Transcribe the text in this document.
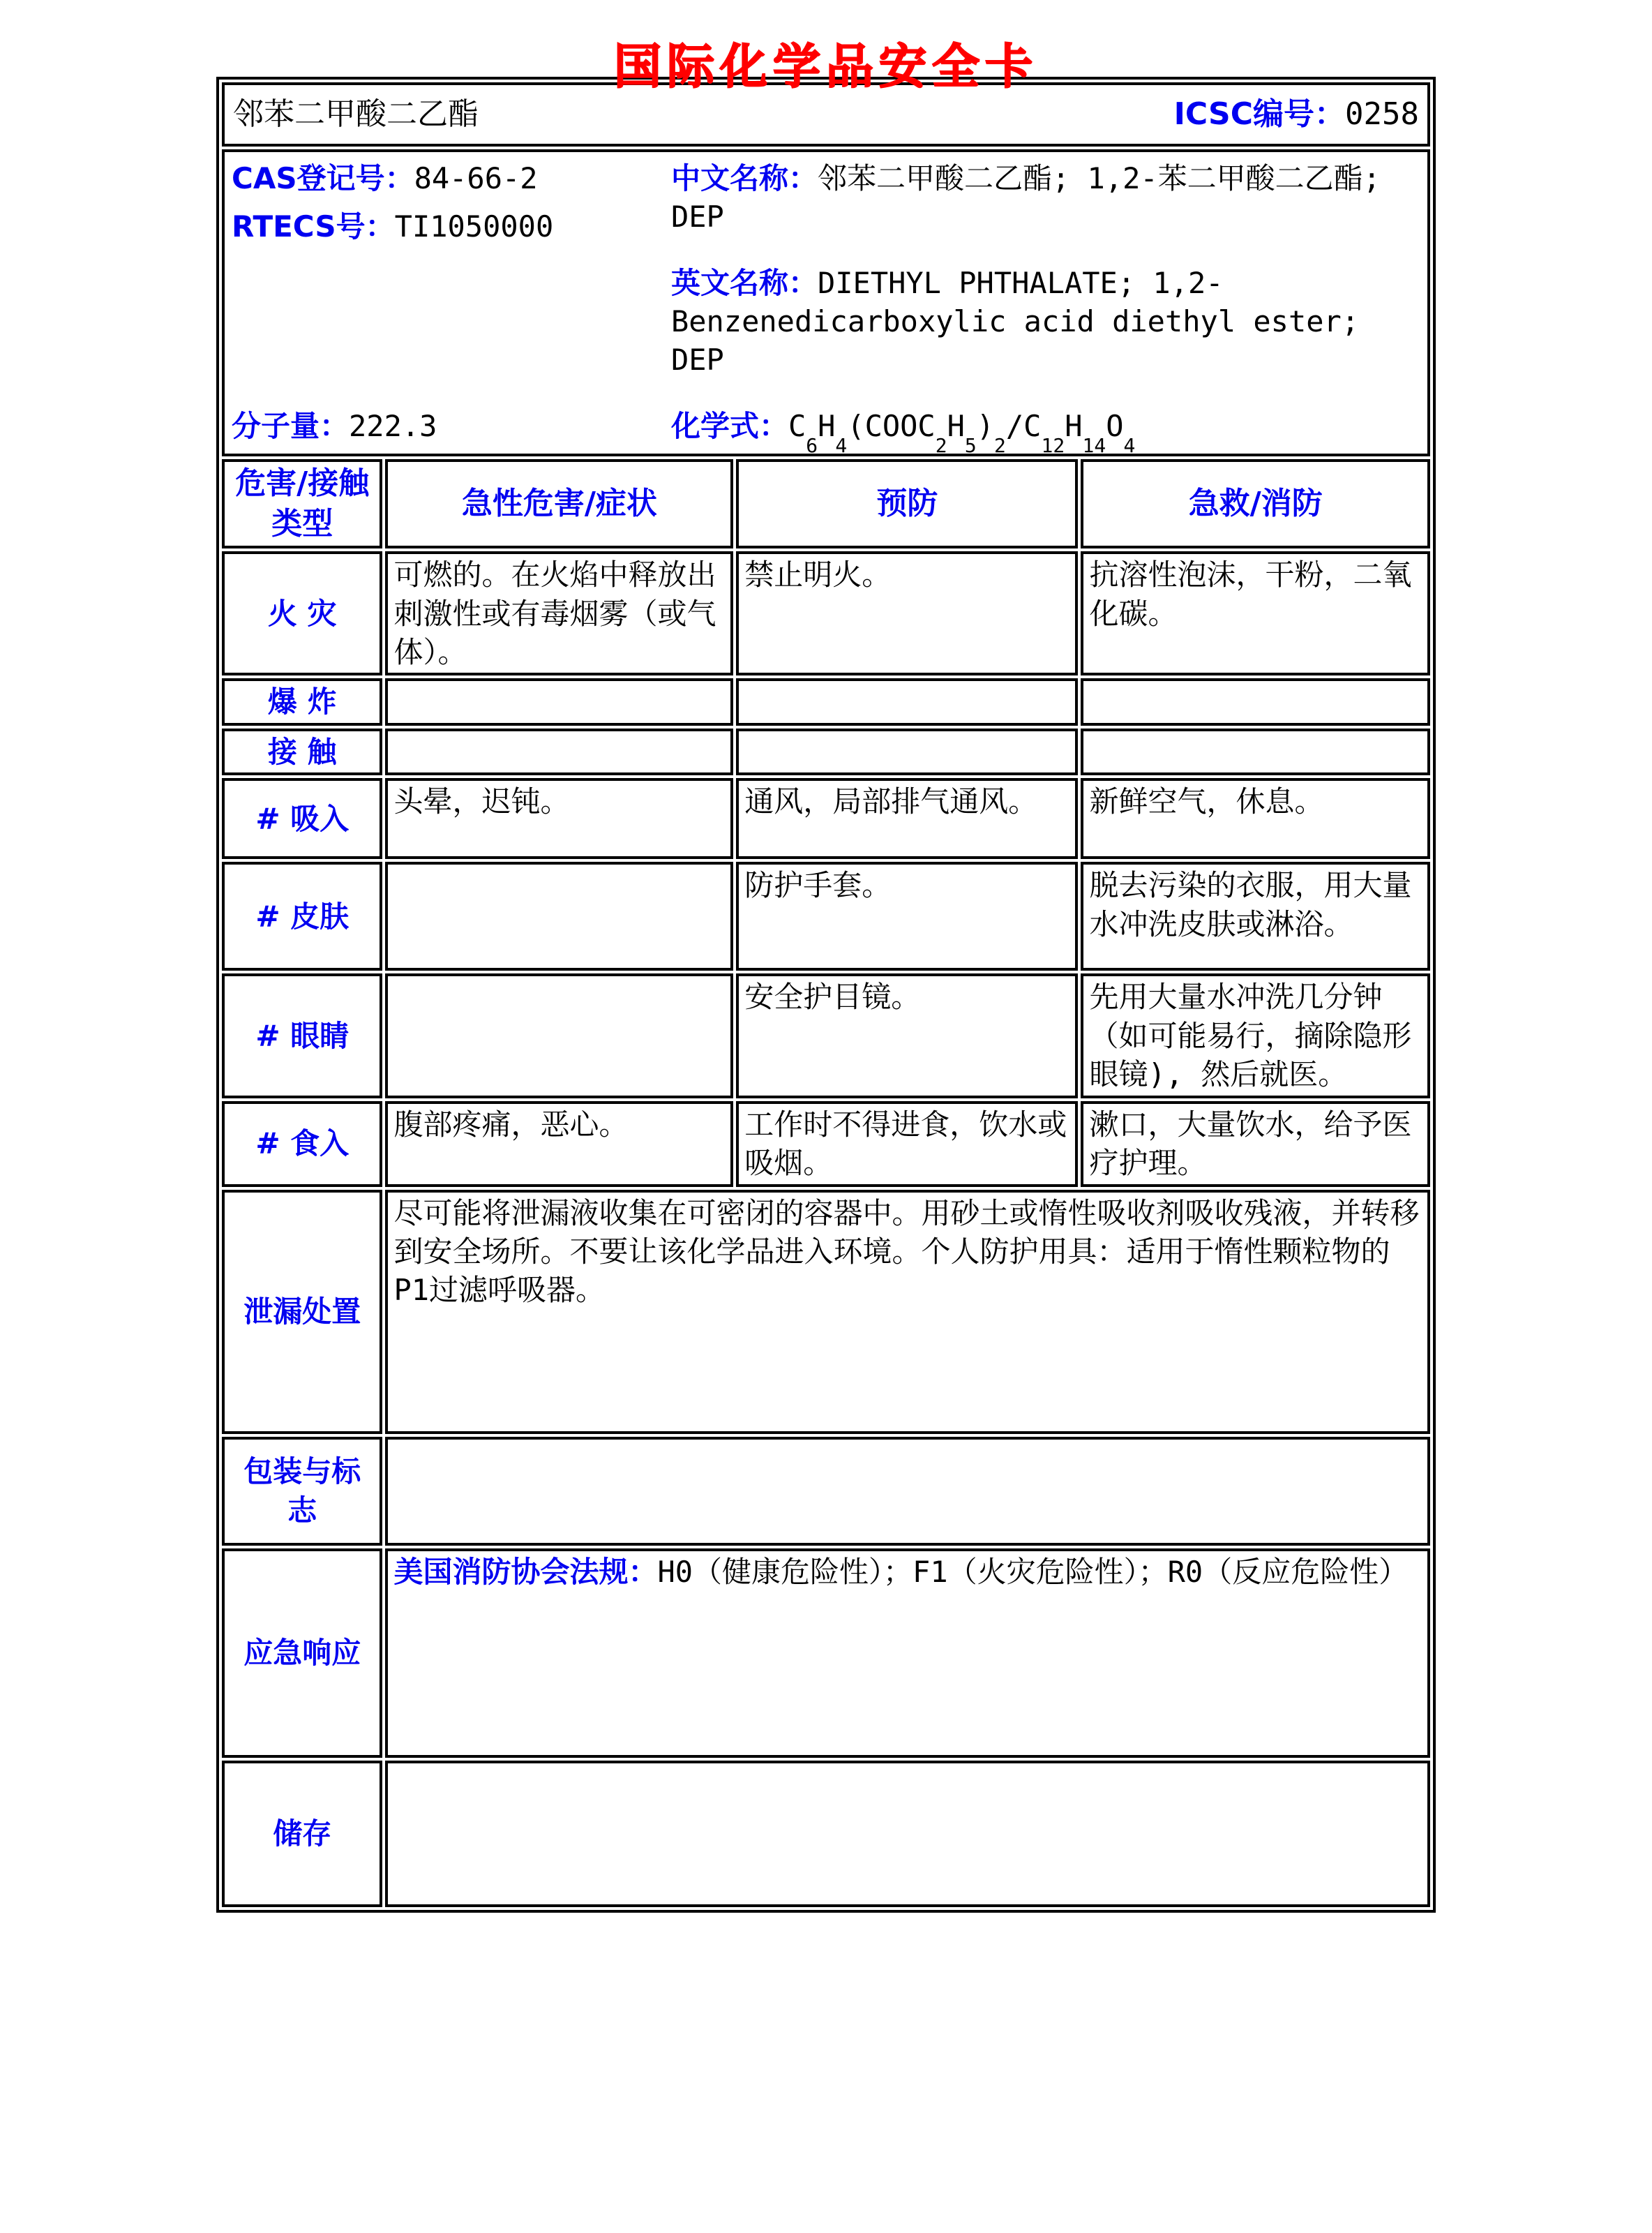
国际化学品安全卡
邻苯二甲酸二乙酯 ICSC编号：0258			

CAS登记号：84-66-2

RTECS号：TI1050000

分子量：222.3

中文名称：邻苯二甲酸二乙酯; 1,2-苯二甲酸二乙酯; DEP

英文名称：DIETHYL PHTHALATE; 1,2-Benzenedicarboxylic acid diethyl ester; DEP

化学式：$C_6H_4(COOC_2H_5)_2/C_{12}H_{14}O_4$

危害/接触
类型	急性危害/症状	预防	急救/消防
火 灾	可燃的。在火焰中释放出刺激性或有毒烟雾（或气体）。	禁止明火。	抗溶性泡沫，干粉，二氧化碳。
爆 炸			
接 触			
# 吸入	头晕，迟钝。	通风，局部排气通风。	新鲜空气，休息。
# 皮肤		防护手套。	脱去污染的衣服，用大量水冲洗皮肤或淋浴。
# 眼睛		安全护目镜。	先用大量水冲洗几分钟（如可能易行，摘除隐形眼镜), 然后就医。
# 食入	腹部疼痛，恶心。	工作时不得进食，饮水或吸烟。	漱口，大量饮水，给予医疗护理。
泄漏处置	尽可能将泄漏液收集在可密闭的容器中。用砂土或惰性吸收剂吸收残液，并转移到安全场所。不要让该化学品进入环境。个人防护用具：适用于惰性颗粒物的P1过滤呼吸器。		
包装与标志			
应急响应	美国消防协会法规：H0（健康危险性）；F1（火灾危险性）；R0（反应危险性）		
储存			
